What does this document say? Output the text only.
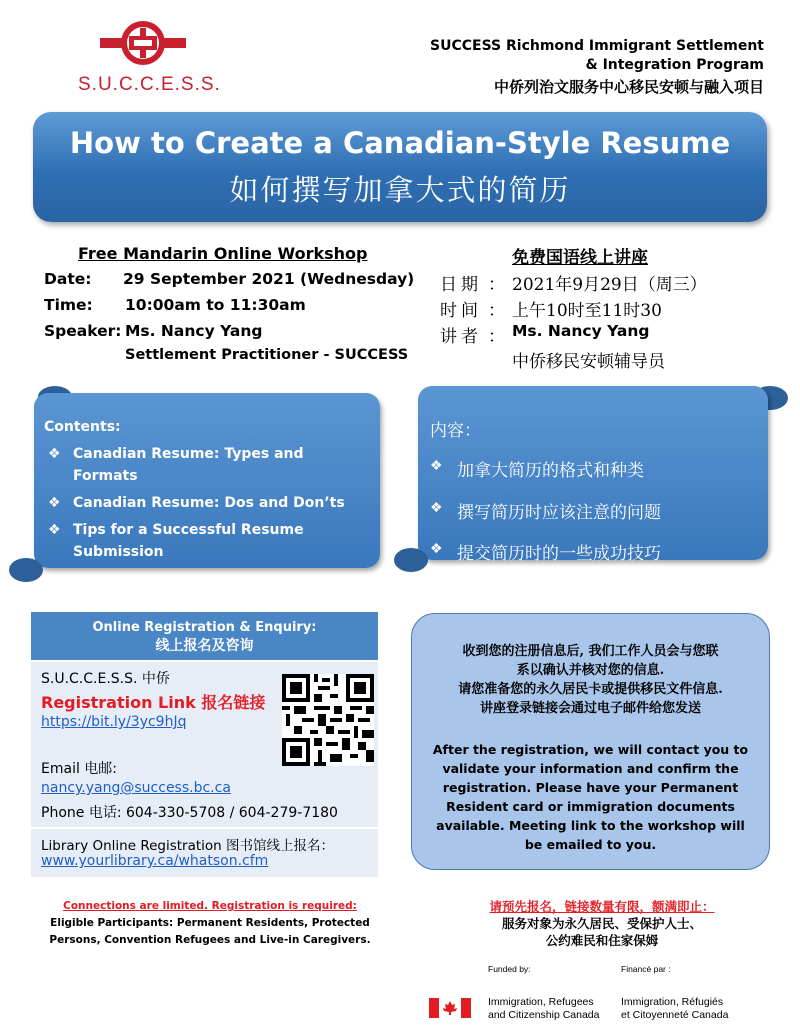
S.U.C.C.E.S.S.
SUCCESS Richmond Immigrant Settlement
& Integration Program
中侨列治文服务中心移民安顿与融入项目
How to Create a Canadian-Style Resume
如何撰写加拿大式的简历
Free Mandarin Online Workshop
Date: 29 September 2021 (Wednesday)
Time: 10:00am to 11:30am
Speaker: Ms. Nancy Yang
Settlement Practitioner - SUCCESS
免费国语线上讲座
日期 ： 2021年9月29日（周三）
时间 ： 上午10时至11时30
讲者 ： Ms. Nancy Yang
中侨移民安顿辅导员
Contents:
❖ Canadian Resume: Types and
Formats
❖ Canadian Resume: Dos and Don’ts
❖ Tips for a Successful Resume
Submission
内容：
❖ 加拿大简历的格式和种类
❖ 撰写简历时应该注意的问题
❖ 提交简历时的一些成功技巧
Online Registration & Enquiry:
线上报名及咨询
S.U.C.C.E.S.S. 中侨
Registration Link 报名链接
https://bit.ly/3yc9hJq
Email 电邮:
nancy.yang@success.bc.ca
Phone 电话: 604-330-5708 / 604-279-7180
Library Online Registration 图书馆线上报名：
www.yourlibrary.ca/whatson.cfm
收到您的注册信息后, 我们工作人员会与您联
系以确认并核对您的信息.
请您准备您的永久居民卡或提供移民文件信息.
讲座登录链接会通过电子邮件给您发送
After the registration, we will contact you to
validate your information and confirm the
registration. Please have your Permanent
Resident card or immigration documents
available. Meeting link to the workshop will
be emailed to you.
Connections are limited. Registration is required:
Eligible Participants: Permanent Residents, Protected
Persons, Convention Refugees and Live-in Caregivers.
请预先报名，链接数量有限，额满即止：
服务对象为永久居民、受保护人士、
公约难民和住家保姆
Funded by:	Financé par :
Immigration, Refugees
and Citizenship Canada
Immigration, Réfugiés
et Citoyenneté Canada
